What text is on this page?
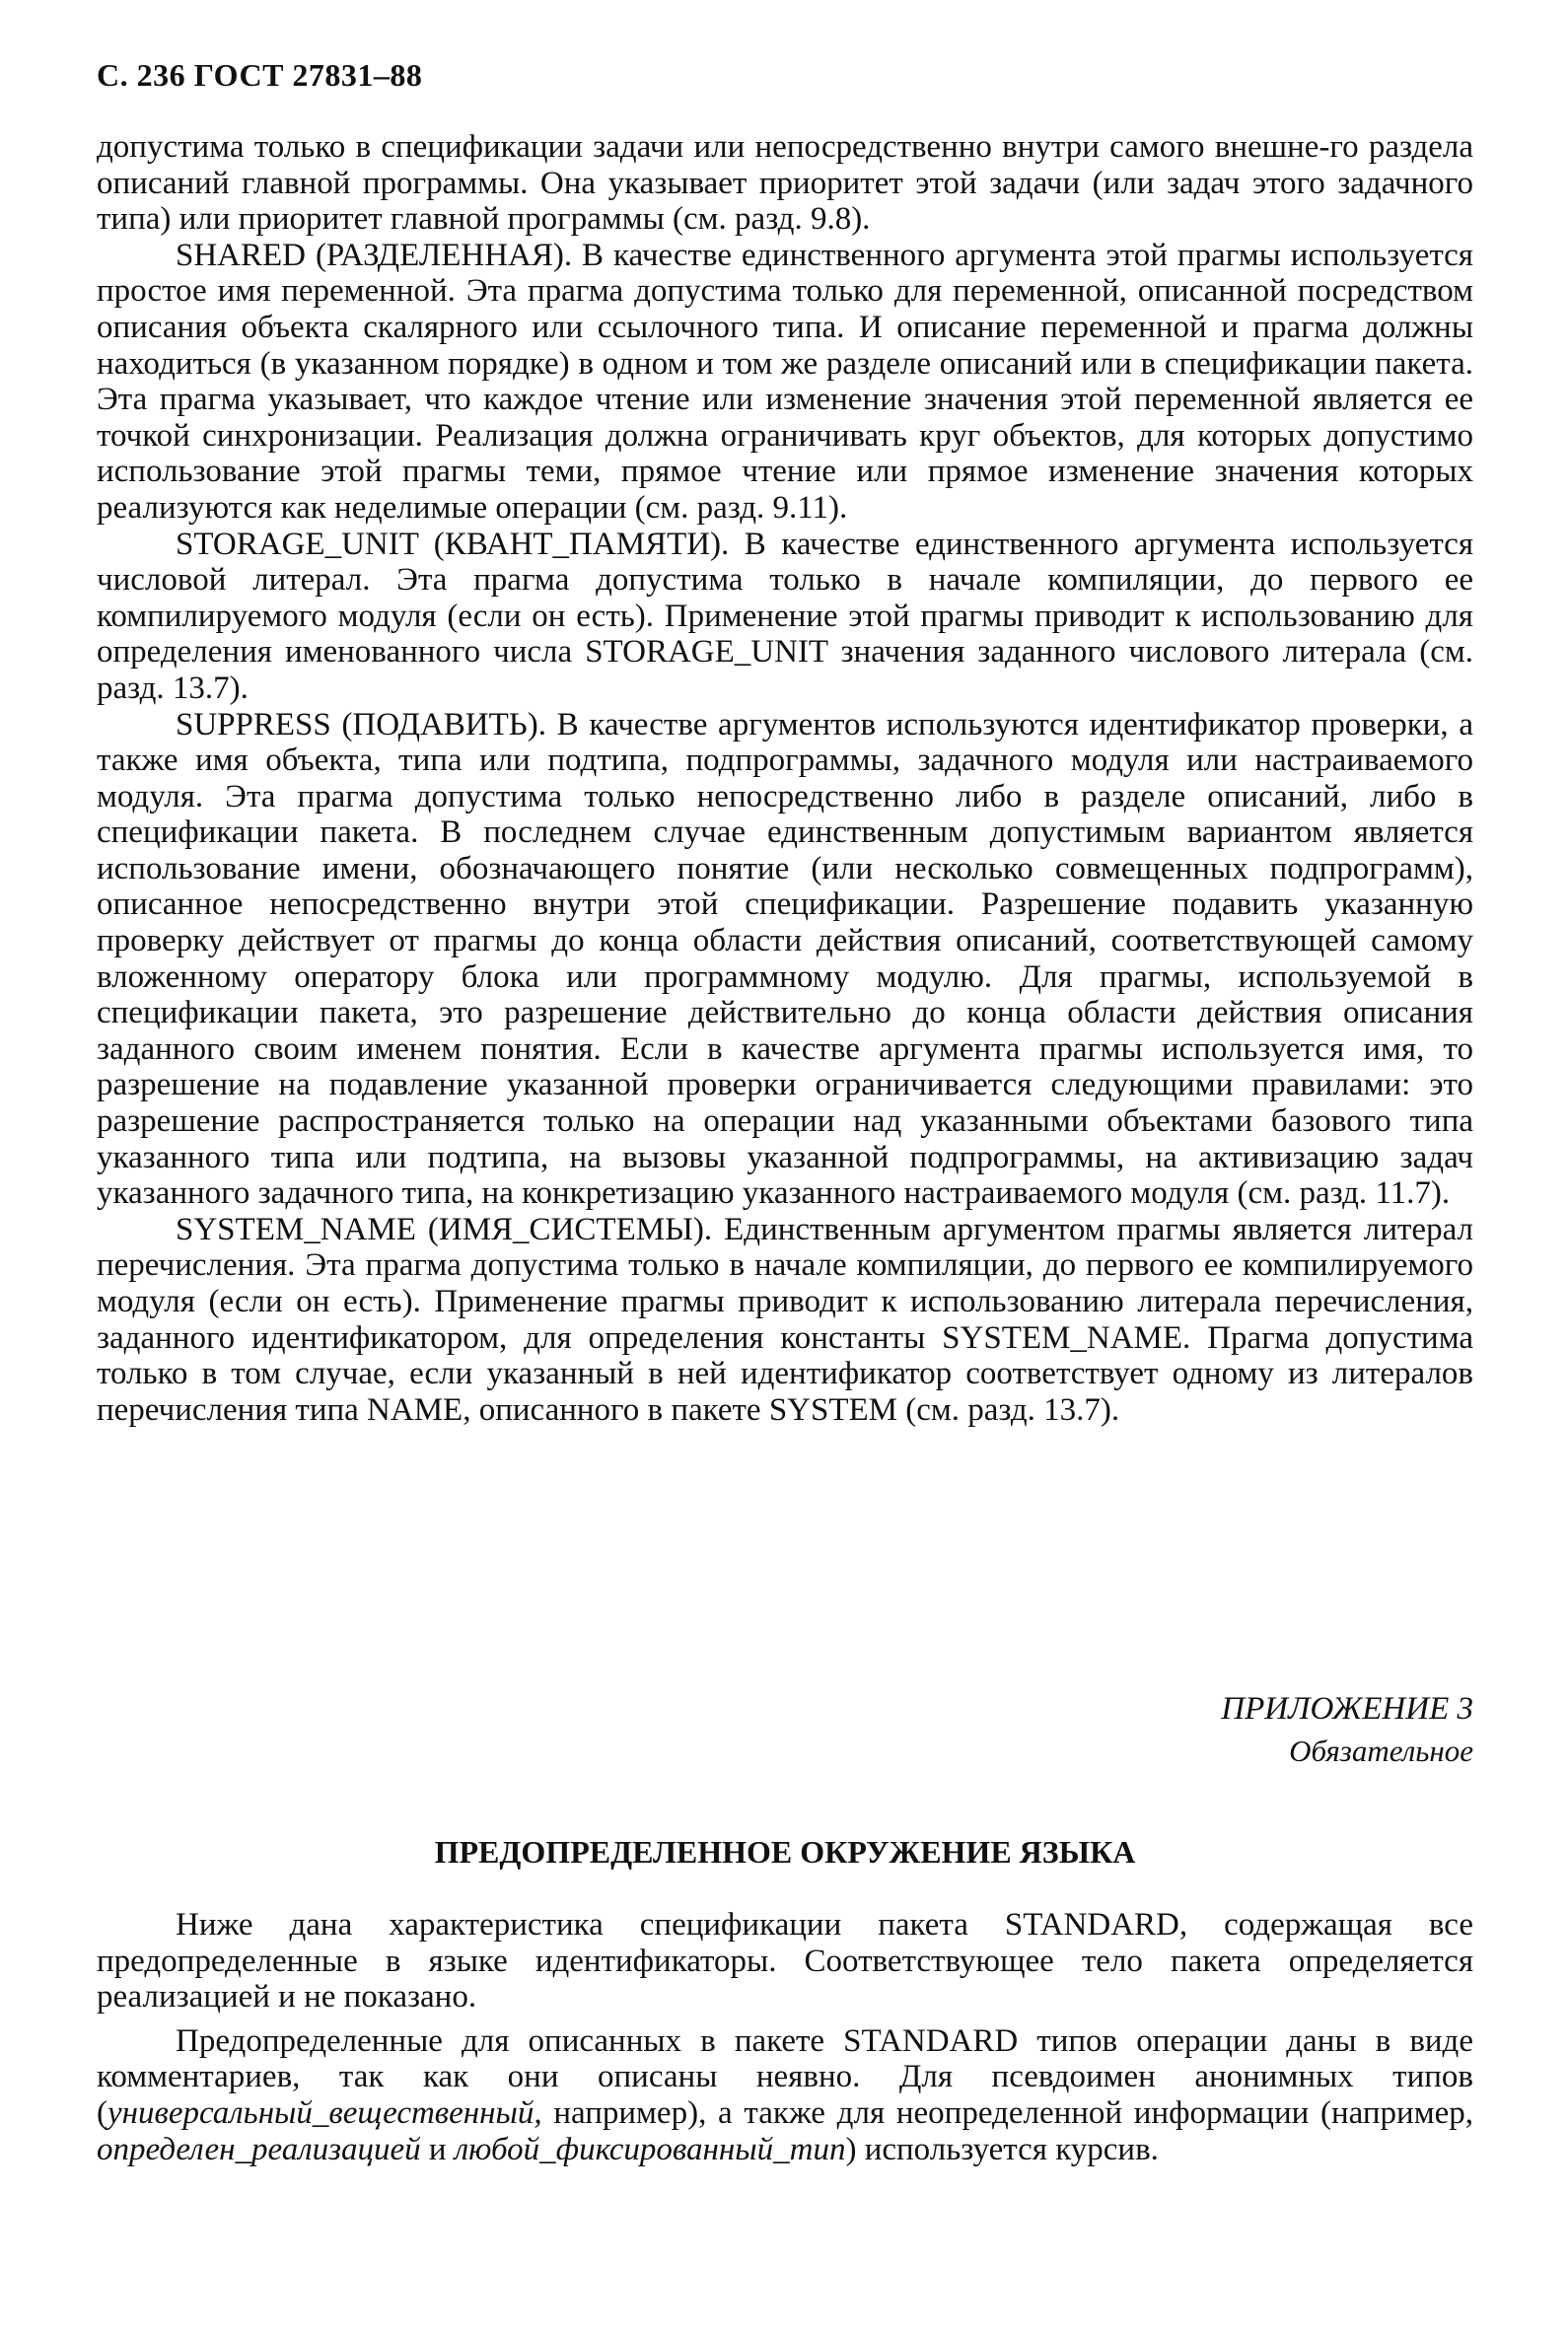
С. 236 ГОСТ 27831–88

допустима только в спецификации задачи или непосредственно внутри самого внешне-го раздела описаний главной программы. Она указывает приоритет этой задачи (или задач этого задачного типа) или приоритет главной программы (см. разд. 9.8).

SHARED (РАЗДЕЛЕННАЯ). В качестве единственного аргумента этой прагмы используется простое имя переменной. Эта прагма допустима только для переменной, описанной посредством описания объекта скалярного или ссылочного типа. И описание переменной и прагма должны находиться (в указанном порядке) в одном и том же разделе описаний или в спецификации пакета. Эта прагма указывает, что каждое чтение или изменение значения этой переменной является ее точкой синхронизации. Реализация должна ограничивать круг объектов, для которых допустимо использование этой прагмы теми, прямое чтение или прямое изменение значения которых реализуются как неделимые операции (см. разд. 9.11).

STORAGE_UNIT (КВАНТ_ПАМЯТИ). В качестве единственного аргумента используется числовой литерал. Эта прагма допустима только в начале компиляции, до первого ее компилируемого модуля (если он есть). Применение этой прагмы приводит к использованию для определения именованного числа STORAGE_UNIT значения заданного числового литерала (см. разд. 13.7).

SUPPRESS (ПОДАВИТЬ). В качестве аргументов используются идентификатор проверки, а также имя объекта, типа или подтипа, подпрограммы, задачного модуля или настраиваемого модуля. Эта прагма допустима только непосредственно либо в разделе описаний, либо в спецификации пакета. В последнем случае единственным допустимым вариантом является использование имени, обозначающего понятие (или несколько совмещенных подпрограмм), описанное непосредственно внутри этой спецификации. Разрешение подавить указанную проверку действует от прагмы до конца области действия описаний, соответствующей самому вложенному оператору блока или программному модулю. Для прагмы, используемой в спецификации пакета, это разрешение действительно до конца области действия описания заданного своим именем понятия. Если в качестве аргумента прагмы используется имя, то разрешение на подавление указанной проверки ограничивается следующими правилами: это разрешение распространяется только на операции над указанными объектами базового типа указанного типа или подтипа, на вызовы указанной подпрограммы, на активизацию задач указанного задачного типа, на конкретизацию указанного настраиваемого модуля (см. разд. 11.7).

SYSTEM_NAME (ИМЯ_СИСТЕМЫ). Единственным аргументом прагмы является литерал перечисления. Эта прагма допустима только в начале компиляции, до первого ее компилируемого модуля (если он есть). Применение прагмы приводит к использованию литерала перечисления, заданного идентификатором, для определения константы SYSTEM_NAME. Прагма допустима только в том случае, если указанный в ней идентификатор соответствует одному из литералов перечисления типа NAME, описанного в пакете SYSTEM (см. разд. 13.7).

ПРИЛОЖЕНИЕ 3
Обязательное
ПРЕДОПРЕДЕЛЕННОЕ ОКРУЖЕНИЕ ЯЗЫКА

Ниже дана характеристика спецификации пакета STANDARD, содержащая все предопределенные в языке идентификаторы. Соответствующее тело пакета определяется реализацией и не показано.

Предопределенные для описанных в пакете STANDARD типов операции даны в виде комментариев, так как они описаны неявно. Для псевдоимен анонимных типов (универсальный_вещественный, например), а также для неопределенной информации (например, определен_реализацией и любой_фиксированный_тип) используется курсив.
